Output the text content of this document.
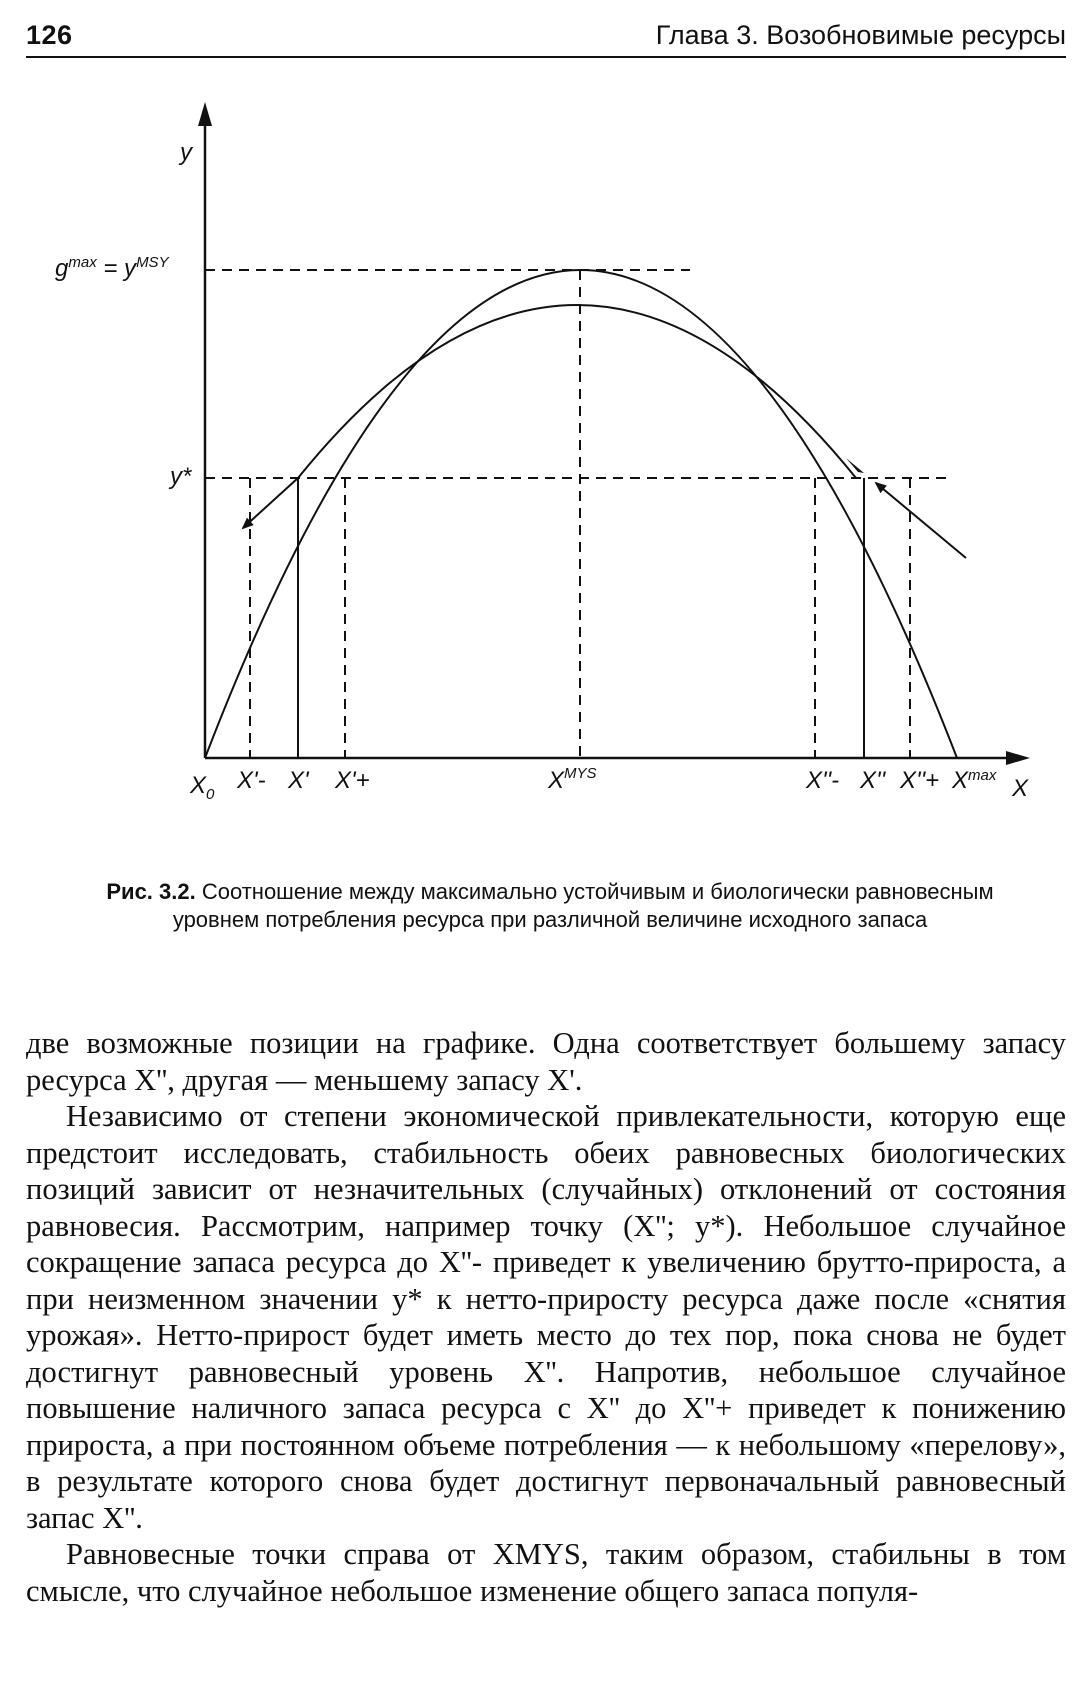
126	Глава 3. Возобновимые ресурсы
y
$g^{max} = y^{MSY}$
y*
$X_0$
X'- X' X'+	$X^{MYS}$	X''- X'' $X''+ X^{max}$ X
Рис. 3.2. Соотношение между максимально устойчивым и биологически равновесным уровнем потребления ресурса при различной величине исходного запаса

две возможные позиции на графике. Одна соответствует большему запасу ресурса X'', другая — меньшему запасу X'.

Независимо от степени экономической привлекательности, которую еще предстоит исследовать, стабильность обеих равновесных биологических позиций зависит от незначительных (случайных) отклонений от состояния равновесия. Рассмотрим, например точку (X''; y*). Небольшое случайное сокращение запаса ресурса до X''- приведет к увеличению брутто-прироста, а при неизменном значении y* к нетто-приросту ресурса даже после «снятия урожая». Нетто-прирост будет иметь место до тех пор, пока снова не будет достигнут равновесный уровень X''. Напротив, небольшое случайное повышение наличного запаса ресурса с X'' до X''+ приведет к понижению прироста, а при постоянном объеме потребления — к небольшому «перелову», в результате которого снова будет достигнут первоначальный равновесный запас X''.

Равновесные точки справа от XMYS, таким образом, стабильны в том смысле, что случайное небольшое изменение общего запаса популя-
